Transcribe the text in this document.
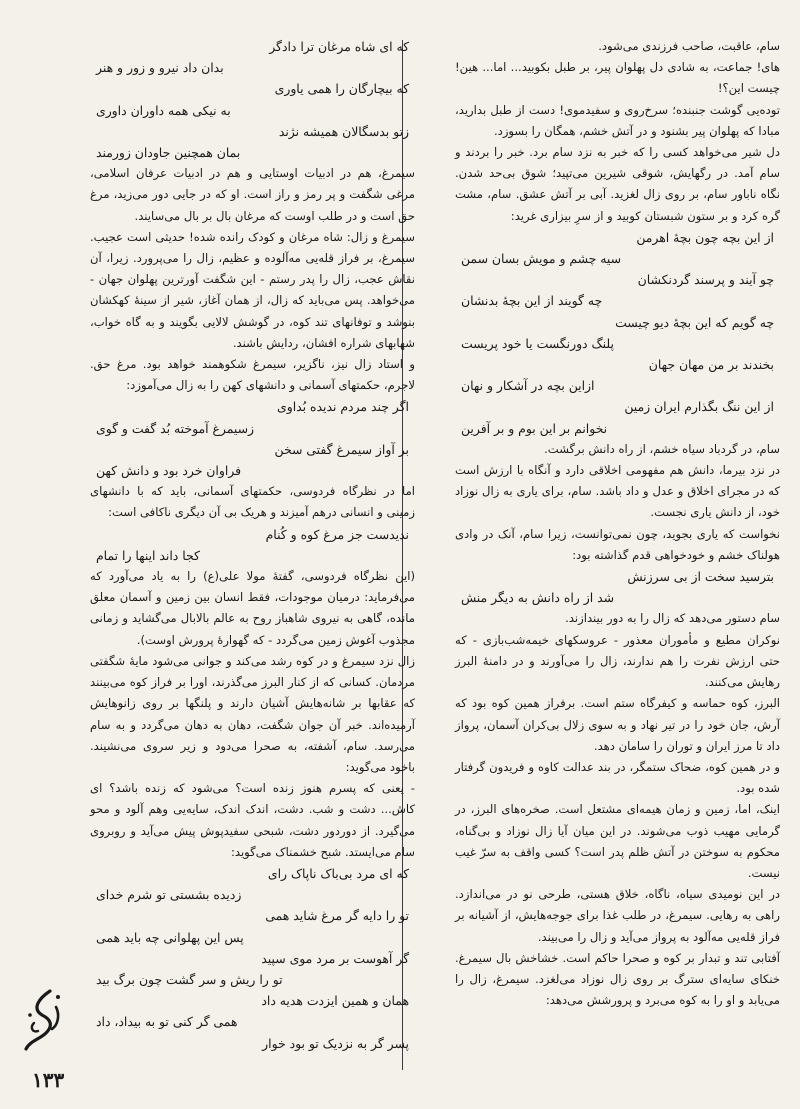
سام، عاقبت، صاحب فرزندی می‌شود.

های! جماعت، به شادی دل پهلوان پیر، بر طبل بکوبید... اما... هین! چیست این؟!

توده‌یی گوشت جنبنده؛ سرخ‌روی و سفیدموی! دست از طبل بدارید، مبادا که پهلوان پیر بشنود و در آتش خشم، همگان را بسوزد.

دل شیر می‌خواهد کسی را که خبر به نزد سام برد. خبر را بردند و سام آمد. در رگهایش، شوقی شیرین می‌تپید؛ شوق بی‌حد شدن. نگاه ناباور سام، بر روی زال لغزید. آبی بر آتش عشق. سام، مشت گره کرد و بر ستون شبستان کوبید و از سرِ بیزاری غرید:

از این بچه چون بچهٔ اهرمن

سیه چشم و مویش بسان سمن

چو آیند و پرسند گردنکشان

چه گویند از این بچهٔ بدنشان

چه گویم که این بچهٔ دیو چیست

پلنگ دورنگست یا خود پریست

بخندند بر من مهان جهان

ازاین بچه در آشکار و نهان

از این ننگ بگذارم ایران زمین

نخوانم بر این بوم و بر آفرین

سام، در گردباد سیاه خشم، از راه دانش برگشت.

در نزد بیرما، دانش هم مفهومی اخلاقی دارد و آنگاه با ارزش است که در مجرای اخلاق و عدل و داد باشد. سام، برای یاری به زال نوزاد خود، از دانش یاری نجست.

نخواست که یاری بجوید، چون نمی‌توانست، زیرا سام، آنک در وادی هولناک خشم و خودخواهی قدم گذاشته بود:

بترسید سخت از بی سرزنش

شد از راه دانش به دیگر منش

سام دستور می‌دهد که زال را به دور بیندازند.

نوکران مطیع و مأموران معذور - عروسکهای خیمه‌شب‌بازی - که حتی ارزش نفرت را هم ندارند، زال را می‌آورند و در دامنهٔ البرز رهایش می‌کنند.

البرز، کوه حماسه و کیفرگاه ستم است. برفراز همین کوه بود که آرش، جان خود را در تیر نهاد و به سوی زلال بی‌کران آسمان، پرواز داد تا مرز ایران و توران را سامان دهد.

و در همین کوه، ضحاک ستمگر، در بند عدالت کاوه و فریدون گرفتار شده بود.

اینک، اما، زمین و زمان هیمه‌ای مشتعل است. صخره‌های البرز، در گرمایی مهیب ذوب می‌شوند. در این میان آیا زال نوزاد و بی‌گناه، محکوم به سوختن در آتش ظلم پدر است؟ کسی واقف به سرّ غیب نیست.

در این نومیدی سیاه، ناگاه، خلاق هستی، طرحی نو در می‌اندازد. راهی به رهایی. سیمرغ، در طلب غذا برای جوجه‌هایش، از آشیانه بر فراز قله‌یی مه‌آلود به پرواز می‌آید و زال را می‌بیند.

آفتابی تند و تبدار بر کوه و صحرا حاکم است. خشاخش بال سیمرغ. خنکای سایه‌ای سترگ بر روی زال نوزاد می‌لغزد. سیمرغ، زال را می‌یابد و او را به کوه می‌برد و پرورشش می‌دهد:

که ای شاه مرغان ترا دادگر

بدان داد نیرو و زور و هنر

که بیچارگان را همی یاوری

به نیکی همه داوران داوری

زتو بدسگالان همیشه نژند

بمان همچنین جاودان زورمند

سیمرغ، هم در ادبیات اوستایی و هم در ادبیات عرفان اسلامی، مرغی شگفت و پر رمز و راز است. او که در جایی دور می‌زید، مرغ حق است و در طلب اوست که مرغان بال بر بال می‌سایند.

سیمرغ و زال: شاه مرغان و کودک رانده شده! حدیثی است عجیب. سیمرغ، بر فراز قله‌یی مه‌آلوده و عظیم، زال را می‌پرورد. زیرا، آن نقاش عجب، زال را پدر رستم - این شگفت آورترین پهلوان جهان - می‌خواهد. پس می‌باید که زال، از همان آغاز، شیر از سینهٔ کهکشان بنوشد و توفانهای تند کوه، در گوشش لالایی بگویند و به گاه خواب، شهابهای شراره افشان، ردایش باشند.

و استاد زال نیز، ناگزیر، سیمرغ شکوهمند خواهد بود. مرغ حق. لاجرم، حکمتهای آسمانی و دانشهای کهن را به زال می‌آموزد:

اگر چند مردم ندیده بُداوی

زسیمرغ آموخته بُد گفت و گوی

بر آواز سیمرغ گفتی سخن

فراوان خرد بود و دانش کهن

اما در نظرگاه فردوسی، حکمتهای آسمانی، باید که با دانشهای زمینی و انسانی درهم آمیزند و هریک بی آن دیگری ناکافی است:

ندیدست جز مرغ کوه و کُنام

کجا داند اینها را تمام

(این نظرگاه فردوسی، گفتهٔ مولا علی(ع) را به یاد می‌آورد که می‌فرماید: درمیان موجودات، فقط انسان بین زمین و آسمان معلق مانده، گاهی به نیروی شاهباز روح به عالم بالابال می‌گشاید و زمانی مجذوب آغوش زمین می‌گردد - که گهوارهٔ پرورش اوست).

زال نزد سیمرغ و در کوه رشد می‌کند و جوانی می‌شود مایهٔ شگفتی مردمان. کسانی که از کنار البرز می‌گذرند، اورا بر فراز کوه می‌بینند که عقابها بر شانه‌هایش آشیان دارند و پلنگها بر روی زانوهایش آرمیده‌اند. خبر آن جوان شگفت، دهان به دهان می‌گردد و به سام می‌رسد. سام، آشفته، به صحرا می‌دود و زیر سروی می‌نشیند. باخود می‌گوید:

- یعنی که پسرم هنوز زنده است؟ می‌شود که زنده باشد؟ ای کاش... دشت و شب. دشت، اندک اندک، سایه‌یی وهم آلود و محو می‌گیرد. از دوردور دشت، شبحی سفیدپوش پیش می‌آید و روبروی سام می‌ایستد. شبح خشمناک می‌گوید:

که ای مرد بی‌باک ناپاک رای

زدیده بشستی تو شرم خدای

تو را دایه گر مرغ شاید همی

پس این پهلوانی چه باید همی

گر آهوست بر مرد موی سپید

تو را ریش و سر گشت چون برگ بید

همان و همین ایزدت هدیه داد

همی گر کنی تو به بیداد، داد

پسر گر به نزدیک تو بود خوار

۱۳۳
